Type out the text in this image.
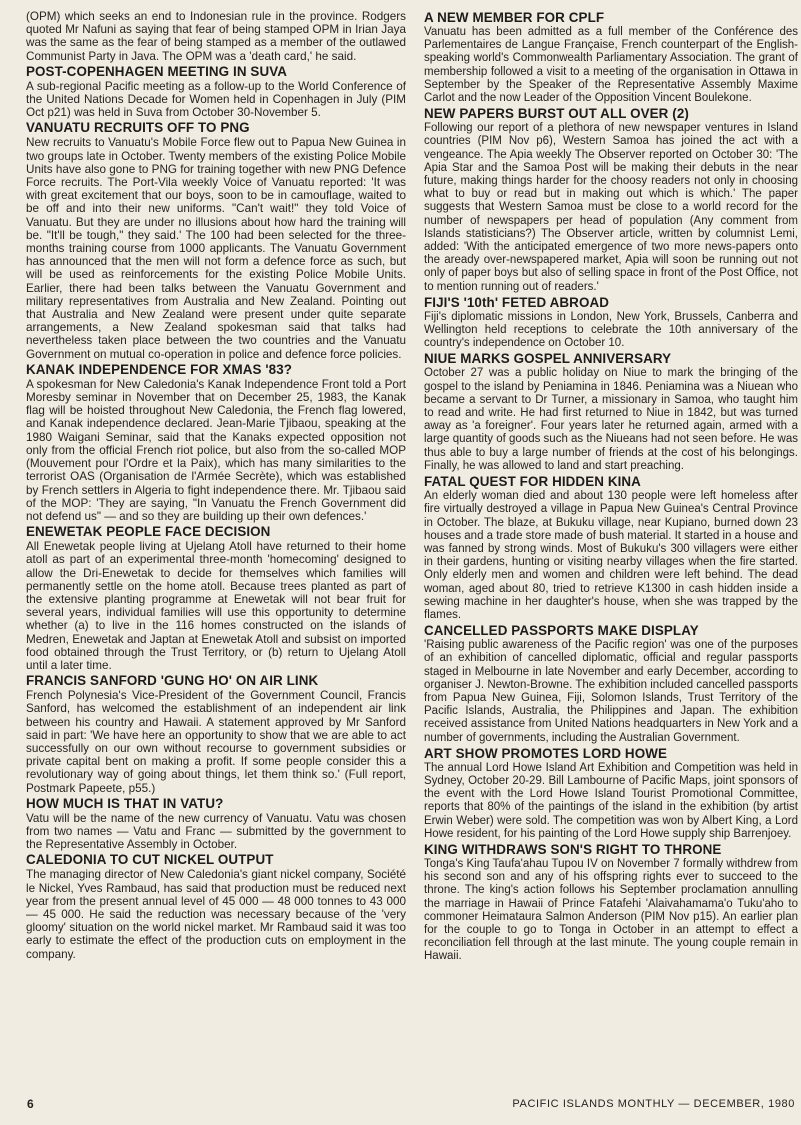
(OPM) which seeks an end to Indonesian rule in the province. Rodgers quoted Mr Nafuni as saying that fear of being stamped OPM in Irian Jaya was the same as the fear of being stamped as a member of the outlawed Communist Party in Java. The OPM was a 'death card,' he said.

POST-COPENHAGEN MEETING IN SUVA

A sub-regional Pacific meeting as a follow-up to the World Conference of the United Nations Decade for Women held in Copenhagen in July (PIM Oct p21) was held in Suva from October 30-November 5.

VANUATU RECRUITS OFF TO PNG

New recruits to Vanuatu's Mobile Force flew out to Papua New Guinea in two groups late in October. Twenty members of the existing Police Mobile Units have also gone to PNG for training together with new PNG Defence Force recruits. The Port-Vila weekly Voice of Vanuatu reported: 'It was with great excitement that our boys, soon to be in camouflage, waited to be off and into their new uniforms. "Can't wait!" they told Voice of Vanuatu. But they are under no illusions about how hard the training will be. "It'll be tough," they said.' The 100 had been selected for the three-months training course from 1000 applicants. The Vanuatu Government has announced that the men will not form a defence force as such, but will be used as reinforcements for the existing Police Mobile Units. Earlier, there had been talks between the Vanuatu Government and military representatives from Australia and New Zealand. Pointing out that Australia and New Zealand were present under quite separate arrangements, a New Zealand spokesman said that talks had nevertheless taken place between the two countries and the Vanuatu Government on mutual co-operation in police and defence force policies.

KANAK INDEPENDENCE FOR XMAS '83?

A spokesman for New Caledonia's Kanak Independence Front told a Port Moresby seminar in November that on December 25, 1983, the Kanak flag will be hoisted throughout New Caledonia, the French flag lowered, and Kanak independence declared. Jean-Marie Tjibaou, speaking at the 1980 Waigani Seminar, said that the Kanaks expected opposition not only from the official French riot police, but also from the so-called MOP (Mouvement pour l'Ordre et la Paix), which has many similarities to the terrorist OAS (Organisation de l'Armée Secrète), which was established by French settlers in Algeria to fight independence there. Mr. Tjibaou said of the MOP: 'They are saying, "In Vanuatu the French Government did not defend us" — and so they are building up their own defences.'

ENEWETAK PEOPLE FACE DECISION

All Enewetak people living at Ujelang Atoll have returned to their home atoll as part of an experimental three-month 'homecoming' designed to allow the Dri-Enewetak to decide for themselves which families will permanently settle on the home atoll. Because trees planted as part of the extensive planting programme at Enewetak will not bear fruit for several years, individual families will use this opportunity to determine whether (a) to live in the 116 homes constructed on the islands of Medren, Enewetak and Japtan at Enewetak Atoll and subsist on imported food obtained through the Trust Territory, or (b) return to Ujelang Atoll until a later time.

FRANCIS SANFORD 'GUNG HO' ON AIR LINK

French Polynesia's Vice-President of the Government Council, Francis Sanford, has welcomed the establishment of an independent air link between his country and Hawaii. A statement approved by Mr Sanford said in part: 'We have here an opportunity to show that we are able to act successfully on our own without recourse to government subsidies or private capital bent on making a profit. If some people consider this a revolutionary way of going about things, let them think so.' (Full report, Postmark Papeete, p55.)

HOW MUCH IS THAT IN VATU?

Vatu will be the name of the new currency of Vanuatu. Vatu was chosen from two names — Vatu and Franc — submitted by the government to the Representative Assembly in October.

CALEDONIA TO CUT NICKEL OUTPUT

The managing director of New Caledonia's giant nickel company, Société le Nickel, Yves Rambaud, has said that production must be reduced next year from the present annual level of 45 000 — 48 000 tonnes to 43 000 — 45 000. He said the reduction was necessary because of the 'very gloomy' situation on the world nickel market. Mr Rambaud said it was too early to estimate the effect of the production cuts on employment in the company.

A NEW MEMBER FOR CPLF

Vanuatu has been admitted as a full member of the Conférence des Parlementaires de Langue Française, French counterpart of the English-speaking world's Commonwealth Parliamentary Association. The grant of membership followed a visit to a meeting of the organisation in Ottawa in September by the Speaker of the Representative Assembly Maxime Carlot and the now Leader of the Opposition Vincent Boulekone.

NEW PAPERS BURST OUT ALL OVER (2)

Following our report of a plethora of new newspaper ventures in Island countries (PIM Nov p6), Western Samoa has joined the act with a vengeance. The Apia weekly The Observer reported on October 30: 'The Apia Star and the Samoa Post will be making their debuts in the near future, making things harder for the choosy readers not only in choosing what to buy or read but in making out which is which.' The paper suggests that Western Samoa must be close to a world record for the number of newspapers per head of population (Any comment from Islands statisticians?) The Observer article, written by columnist Lemi, added: 'With the anticipated emergence of two more news-papers onto the aready over-newspapered market, Apia will soon be running out not only of paper boys but also of selling space in front of the Post Office, not to mention running out of readers.'

FIJI'S '10th' FETED ABROAD

Fiji's diplomatic missions in London, New York, Brussels, Canberra and Wellington held receptions to celebrate the 10th anniversary of the country's independence on October 10.

NIUE MARKS GOSPEL ANNIVERSARY

October 27 was a public holiday on Niue to mark the bringing of the gospel to the island by Peniamina in 1846. Peniamina was a Niuean who became a servant to Dr Turner, a missionary in Samoa, who taught him to read and write. He had first returned to Niue in 1842, but was turned away as 'a foreigner'. Four years later he returned again, armed with a large quantity of goods such as the Niueans had not seen before. He was thus able to buy a large number of friends at the cost of his belongings. Finally, he was allowed to land and start preaching.

FATAL QUEST FOR HIDDEN KINA

An elderly woman died and about 130 people were left homeless after fire virtually destroyed a village in Papua New Guinea's Central Province in October. The blaze, at Bukuku village, near Kupiano, burned down 23 houses and a trade store made of bush material. It started in a house and was fanned by strong winds. Most of Bukuku's 300 villagers were either in their gardens, hunting or visiting nearby villages when the fire started. Only elderly men and women and children were left behind. The dead woman, aged about 80, tried to retrieve K1300 in cash hidden inside a sewing machine in her daughter's house, when she was trapped by the flames.

CANCELLED PASSPORTS MAKE DISPLAY

'Raising public awareness of the Pacific region' was one of the purposes of an exhibition of cancelled diplomatic, official and regular passports staged in Melbourne in late November and early December, according to organiser J. Newton-Browne. The exhibition included cancelled passports from Papua New Guinea, Fiji, Solomon Islands, Trust Territory of the Pacific Islands, Australia, the Philippines and Japan. The exhibition received assistance from United Nations headquarters in New York and a number of governments, including the Australian Government.

ART SHOW PROMOTES LORD HOWE

The annual Lord Howe Island Art Exhibition and Competition was held in Sydney, October 20-29. Bill Lambourne of Pacific Maps, joint sponsors of the event with the Lord Howe Island Tourist Promotional Committee, reports that 80% of the paintings of the island in the exhibition (by artist Erwin Weber) were sold. The competition was won by Albert King, a Lord Howe resident, for his painting of the Lord Howe supply ship Barrenjoey.

KING WITHDRAWS SON'S RIGHT TO THRONE

Tonga's King Taufa'ahau Tupou IV on November 7 formally withdrew from his second son and any of his offspring rights ever to succeed to the throne. The king's action follows his September proclamation annulling the marriage in Hawaii of Prince Fatafehi 'Alaivahamama'o Tuku'aho to commoner Heimataura Salmon Anderson (PIM Nov p15). An earlier plan for the couple to go to Tonga in October in an attempt to effect a reconciliation fell through at the last minute. The young couple remain in Hawaii.

6	PACIFIC ISLANDS MONTHLY — DECEMBER, 1980
